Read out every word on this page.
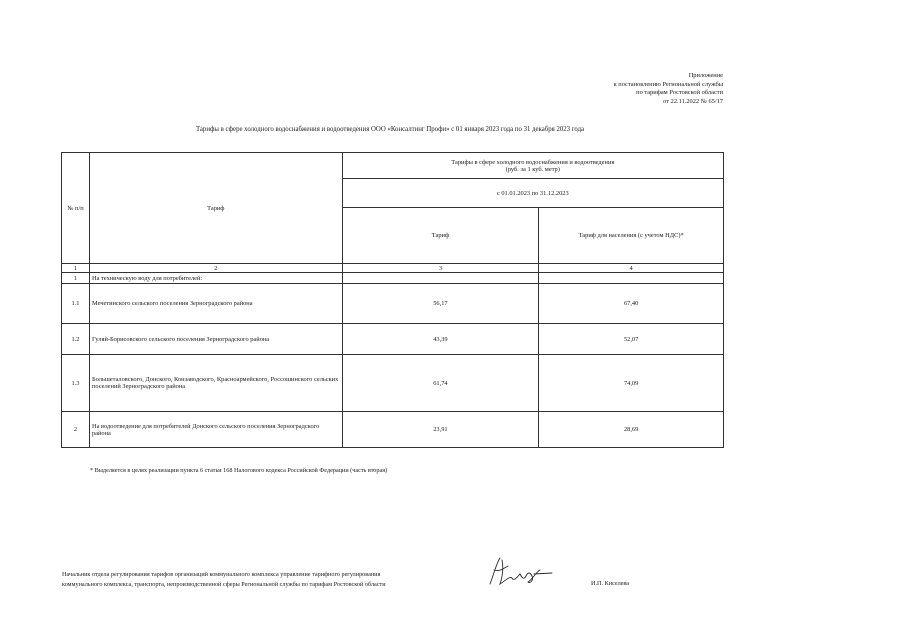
Приложение
к постановлению Региональной службы
по тарифам Ростовской области
от 22.11.2022 № 65/17
Тарифы в сфере холодного водоснабжения и водоотведения ООО «Консалтинг Профи» с 01 января 2023 года по 31 декабря 2023 года
№ п/п	Тариф	Тарифы в сфере холодного водоснабжения и водоотведения
(руб. за 1 куб. метр)	

		с 01.01.2023 по 31.12.2023	
		Тариф	Тариф для населения (с учетом НДС)*
1	2	3	4
1	На техническую воду для потребителей:		
1.1	Мечетинского сельского поселения Зерноградского района	56,17	67,40
1.2	Гуляй-Борисовского сельского поселения Зерноградского района	43,39	52,07
1.3	Большеталовского, Донского, Конзаводского, Красноармейского, Россошинского сельских поселений Зерноградского района	61,74	74,09
2	На водоотведение для потребителей Донского сельского поселения Зерноградского района	23,91	28,69
* Выделяется в целях реализации пункта 6 статьи 168 Налогового кодекса Российской Федерации (часть вторая)
Начальник отдела регулирования тарифов организаций коммунального комплекса управление тарифного регулирования
коммунального комплекса, транспорта, непроизводственной сферы Региональной службы по тарифам Ростовской области	И.П. Киселева
